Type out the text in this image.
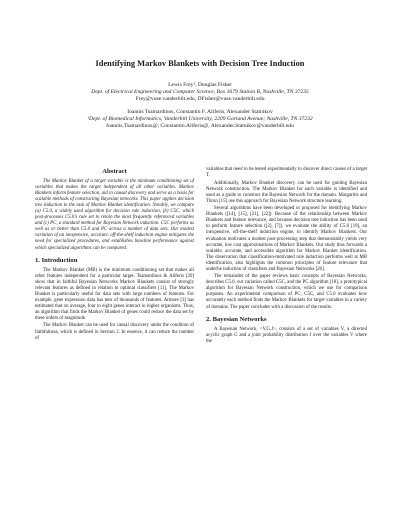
Identifying Markov Blankets with Decision Tree Induction
Lewis Frey¹, Douglas Fisher
Dept. of Electrical Engineering and Computer Science, Box 1679 Station B, Nashville, TN 37235
Frey@vuse.vanderbilt.edu, DFisher@vuse.vanderbilt.edu
Ioannis Tsamardinos, Constantin F. Aliferis, Alexander Statnikov
¹Dept. of Biomedical Informatics, Vanderbilt University, 2209 Garland Avenue; Nashville, TN 37232
Ioannis.Tsamardinos@, Constantin.Aliferis@, Alexander.Statnikov@vanderbilt.edu
Abstract

The Markov Blanket of a target variable is the minimum conditioning set of variables that makes the target independent of all other variables. Markov Blankets inform feature selection, aid in causal discovery and serve as a basis for scalable methods of constructing Bayesian networks. This paper applies decision tree induction to the task of Markov Blanket identification. Notably, we compare (a) C5.0, a widely used algorithm for decision rule induction, (b) C5C, which post-processes C5.0's rule set to retain the most frequently referenced variables and (c) PC, a standard method for Bayesian Network induction. C5C performs as well as or better than C5.0 and PC across a number of data sets. Our modest variation of an inexpensive, accurate, off-the-shelf induction engine mitigates the need for specialized procedures, and establishes baseline performance against which specialized algorithms can be compared.

1. Introduction

The Markov Blanket (MB) is the minimum conditioning set that makes all other features independent for a particular target. Tsamardinos & Aliferis [20] show that in faithful Bayesian Networks Markov Blankets consist of strongly relevant features as defined in relation to optimal classifiers [11]. The Markov Blanket is particularly useful for data sets with large numbers of features. For example, gene expression data has tens of thousands of features. Armore [3] has estimated that on average, four to eight genes interact in higher organisms. Thus, an algorithm that finds the Markov Blanket of genes could reduce the data set by three orders of magnitude.

The Markov Blanket can be used for causal discovery under the condition of faithfulness, which is defined in Section 2. In essence, it can reduce the number of

variables that need to be tested experimentally to discover direct causes of a target T.

Additionally, Markov Blanket discovery can be used for guiding Bayesian Network construction. The Markov Blanket for each variable is identified and used as a guide to construct the Bayesian Network for the domain. Margaritis and Thrun [15] use this approach for Bayesian Network structure learning.

Several algorithms have been developed or proposed for identifying Markov Blankets ([14], [15], [21], [22]). Because of the relationship between Markov Blankets and feature relevance, and because decision tree induction has been used to perform feature selection ([2], [7]), we evaluate the ability of C5.0 [19], an inexpensive, off-the-shelf induction engine, to identify Markov Blankets. Our evaluation motivates a modest post-processing step that demonstrably yields very accurate, low cost approximations of Markov Blankets. Our study thus forwards a scalable, accurate, and accessible algorithm for Markov Blanket identification. The observation that classification-motivated rule induction performs well at MB identification, also highlights the common principles of feature relevance that underlie induction of classifiers and Bayesian Networks [20].

The remainder of the paper reviews basic concepts of Bayesian Networks, describes C5.0, our variation called C5C, and the PC algorithm [18], a prototypical algorithm for Bayesian Network construction, which we use for comparison purposes. An experimental comparison of PC, C5C, and C5.0 evaluates how accurately each method finds the Markov Blankets for target variables in a variety of domains. The paper concludes with a discussion of the results.

2. Bayesian Networks

A Bayesian Network, <V,G,J>, consists of a set of variables V, a directed acyclic graph G and a joint probability distribution J over the variables V where the
